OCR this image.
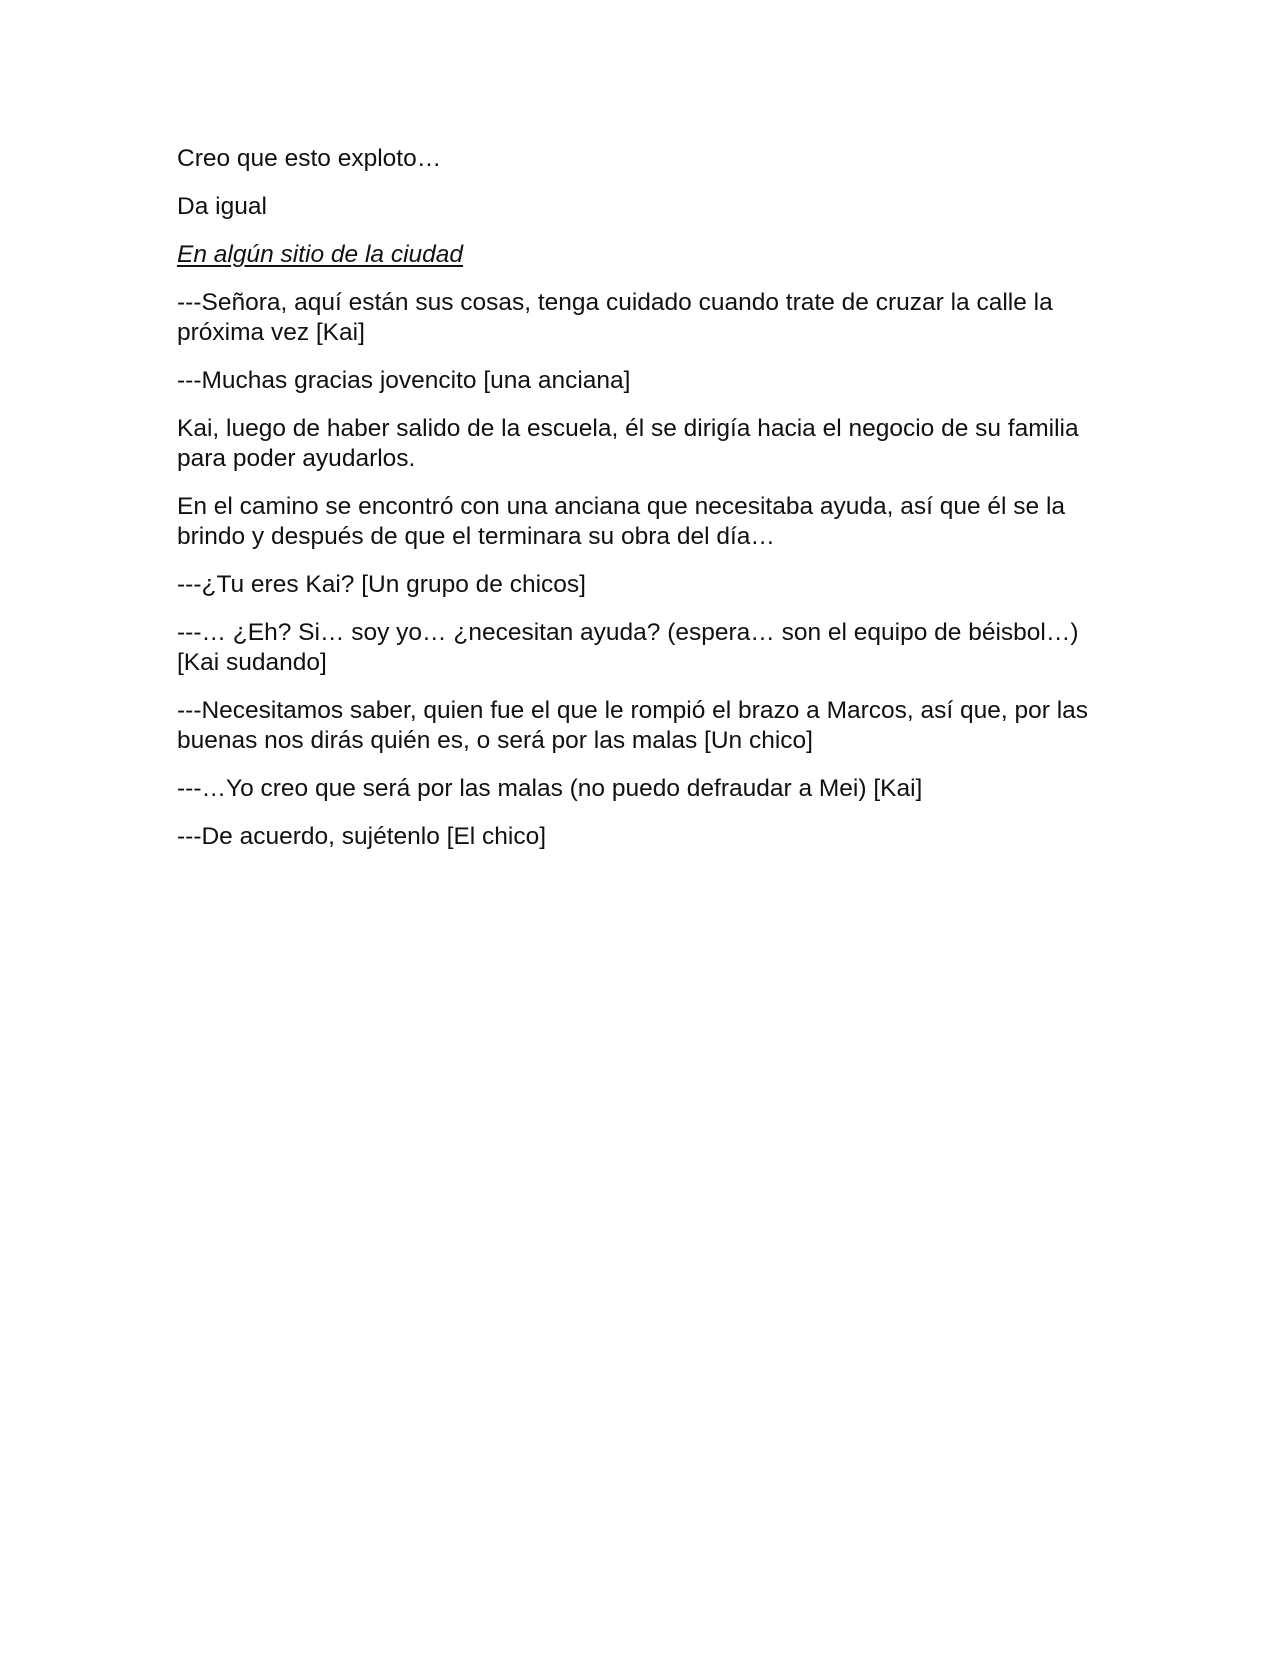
Creo que esto exploto…

Da igual

En algún sitio de la ciudad

---Señora, aquí están sus cosas, tenga cuidado cuando trate de cruzar la calle la próxima vez [Kai]

---Muchas gracias jovencito [una anciana]

Kai, luego de haber salido de la escuela, él se dirigía hacia el negocio de su familia para poder ayudarlos.

En el camino se encontró con una anciana que necesitaba ayuda, así que él se la brindo y después de que el terminara su obra del día…

---¿Tu eres Kai? [Un grupo de chicos]

---… ¿Eh? Si… soy yo… ¿necesitan ayuda? (espera… son el equipo de béisbol…) [Kai sudando]

---Necesitamos saber, quien fue el que le rompió el brazo a Marcos, así que, por las buenas nos dirás quién es, o será por las malas [Un chico]

---…Yo creo que será por las malas (no puedo defraudar a Mei) [Kai]

---De acuerdo, sujétenlo [El chico]
